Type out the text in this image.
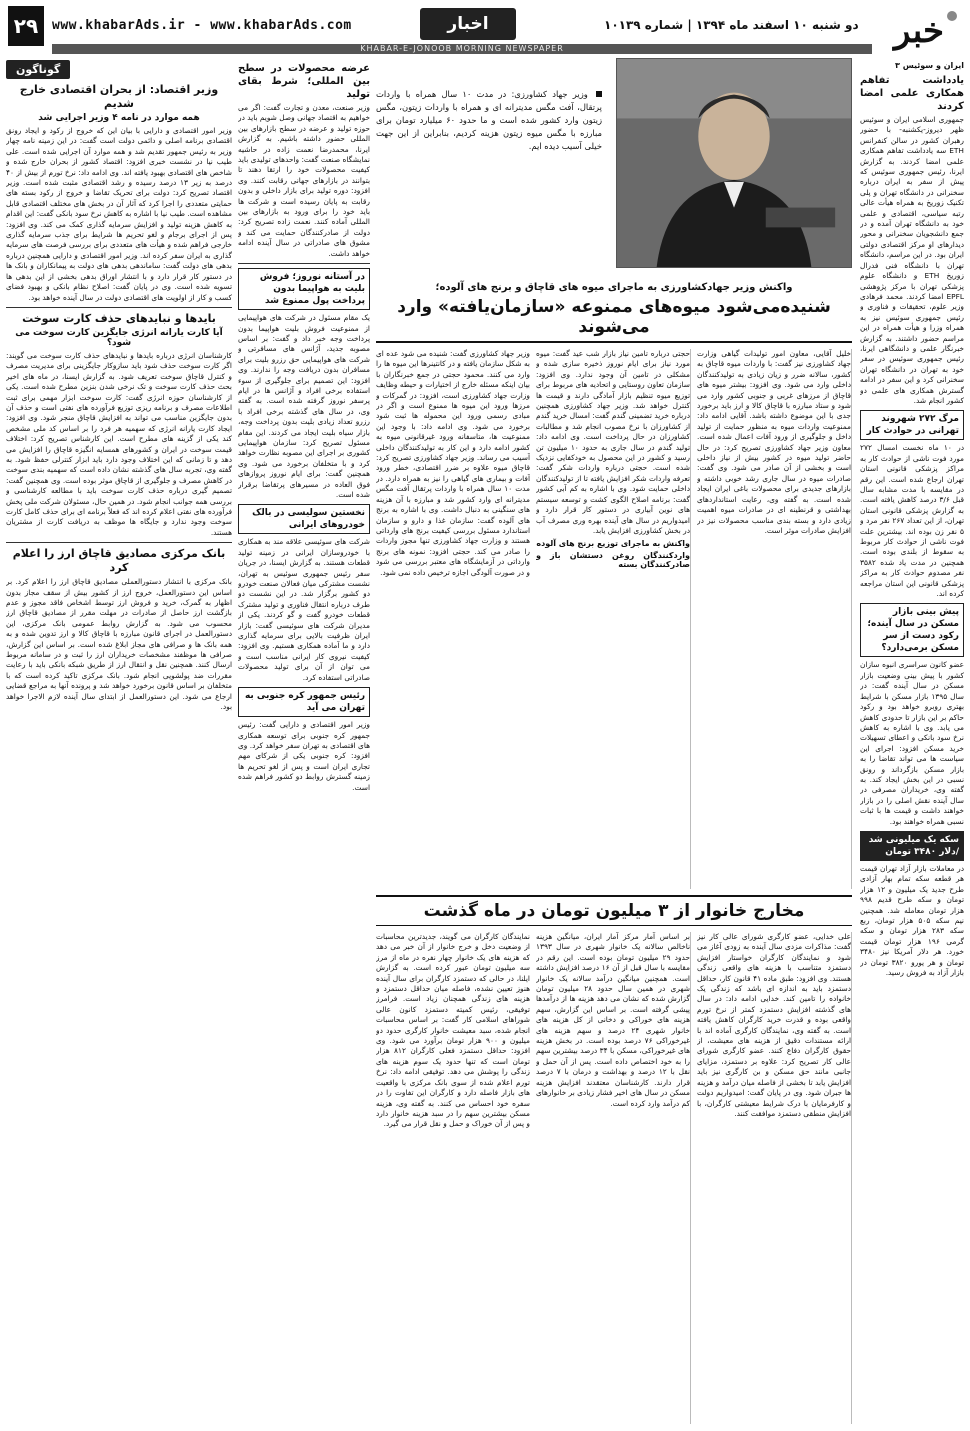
۲۹	www.khabarAds.ir - www.khabarAds.com	اخبار	دو شنبه ۱۰ اسفند ماه ۱۳۹۴ | شماره ۱۰۱۳۹ خبر
KHABAR-E-JONOOB MORNING NEWSPAPER
ایران و سوئیس ۳
یادداشت تفاهم همکاری علمی امضا کردند

جمهوری اسلامی ایران و سوئیس ظهر دیروز-یکشنبه- با حضور رهبران کشور در سالن کنفرانس ETH سه یادداشت تفاهم همکاری علمی امضا کردند. به گزارش ایرنا، رئیس جمهوری سوئیس که پیش از سفر به ایران درباره سخنرانی در دانشگاه تهران و پلی تکنیک زوریخ به همراه هیأت عالی رتبه سیاسی، اقتصادی و علمی خود به دانشگاه تهران آمده و در جمع دانشجویان سخنرانی و محور دیدارهای او مرکز اقتصادی دولتی ایران بود. در این مراسم، دانشگاه تهران با دانشگاه فنی فدرال زوریخ ETH و دانشگاه علوم پزشکی تهران با مرکز پژوهشی EPFL امضا کردند. محمد فرهادی وزیر علوم، تحقیقات و فناوری و رئیس جمهوری سوئیس نیز به همراه وزرا و هیأت همراه در این مراسم حضور داشتند. به گزارش خبرنگار علمی و دانشگاهی ایرنا، رئیس جمهوری سوئیس در سفر خود به تهران در دانشگاه تهران سخنرانی کرد و این سفر در ادامه گسترش همکاری های علمی دو کشور انجام شد.

مرگ ۲۷۲ شهروند تهرانی در حوادث کار

در ۱۰ ماه نخست امسال ۲۷۲ مورد فوت ناشی از حوادث کار به مراکز پزشکی قانونی استان تهران ارجاع شده است. این رقم در مقایسه با مدت مشابه سال قبل ۳/۶ درصد کاهش یافته است. به گزارش پزشکی قانونی استان تهران، از این تعداد ۲۶۷ نفر مرد و ۵ نفر زن بوده اند. بیشترین علت فوت ناشی از حوادث کار مربوط به سقوط از بلندی بوده است. همچنین در مدت یاد شده ۳۵۸۲ نفر مصدوم حوادث کار به مراکز پزشکی قانونی این استان مراجعه کرده اند.

پیش بینی بازار مسکن در سال آینده؛ رکود دست از سر مسکن برمی‌دارد؟

عضو کانون سراسری انبوه سازان کشور با پیش بینی وضعیت بازار مسکن در سال آینده گفت: در سال ۱۳۹۵ بازار مسکن با شرایط بهتری روبرو خواهد بود و رکود حاکم بر این بازار تا حدودی کاهش می یابد. وی با اشاره به کاهش نرخ سود بانکی و اعطای تسهیلات خرید مسکن افزود: اجرای این سیاست ها می تواند تقاضا را به بازار مسکن بازگرداند و رونق نسبی در این بخش ایجاد کند. به گفته وی، خریداران مصرفی در سال آینده نقش اصلی را در بازار خواهند داشت و قیمت ها با ثبات نسبی همراه خواهند بود.

سکه یک میلیونی شد /دلار ۳۴۸۰ تومان

در معاملات بازار آزاد تهران قیمت هر قطعه سکه تمام بهار آزادی طرح جدید یک میلیون و ۱۲ هزار تومان و سکه طرح قدیم ۹۹۸ هزار تومان معامله شد. همچنین نیم سکه ۵۰۵ هزار تومان، ربع سکه ۲۸۳ هزار تومان و سکه گرمی ۱۹۶ هزار تومان قیمت خورد. هر دلار آمریکا نیز ۳۴۸۰ تومان و هر یورو ۳۸۲۰ تومان در بازار آزاد به فروش رسید.

وزیر جهاد کشاورزی: در مدت ۱۰ سال همراه با واردات پرتقال، آفت مگس مدیترانه ای و همراه با واردات زیتون، مگس زیتون وارد کشور شده است و ما حدود ۶۰ میلیارد تومان برای مبارزه با مگس میوه زیتون هزینه کردیم، بنابراین از این جهت خیلی آسیب دیده ایم.
واکنش وزیر جهادکشاورزی به ماجرای میوه های قاچاق و برنج های آلوده؛
شنیده‌می‌شود میوه‌های ممنوعه «سازمان‌یافته» وارد می‌شوند

خلیل آقایی، معاون امور تولیدات گیاهی وزارت جهاد کشاورزی نیز گفت: با واردات میوه قاچاق به کشور، سالانه ضرر و زیان زیادی به تولیدکنندگان داخلی وارد می شود. وی افزود: بیشتر میوه های قاچاق از مرزهای غربی و جنوبی کشور وارد می شود و ستاد مبارزه با قاچاق کالا و ارز باید برخورد جدی با این موضوع داشته باشد. آقایی ادامه داد: ممنوعیت واردات میوه به منظور حمایت از تولید داخل و جلوگیری از ورود آفات اعمال شده است. معاون وزیر جهاد کشاورزی تصریح کرد: در حال حاضر تولید میوه در کشور بیش از نیاز داخلی است و بخشی از آن صادر می شود. وی گفت: صادرات میوه در سال جاری رشد خوبی داشته و بازارهای جدیدی برای محصولات باغی ایران ایجاد شده است. به گفته وی، رعایت استانداردهای بهداشتی و قرنطینه ای در صادرات میوه اهمیت زیادی دارد و بسته بندی مناسب محصولات نیز در افزایش صادرات موثر است.

حجتی درباره تامین نیاز بازار شب عید گفت: میوه مورد نیاز برای ایام نوروز ذخیره سازی شده و مشکلی در تامین آن وجود ندارد. وی افزود: سازمان تعاون روستایی و اتحادیه های مربوط برای توزیع میوه تنظیم بازار آمادگی دارند و قیمت ها کنترل خواهد شد. وزیر جهاد کشاورزی همچنین درباره خرید تضمینی گندم گفت: امسال خرید گندم از کشاورزان با نرخ مصوب انجام شد و مطالبات کشاورزان در حال پرداخت است. وی ادامه داد: تولید گندم در سال جاری به حدود ۱۰ میلیون تن رسید و کشور در این محصول به خودکفایی نزدیک شده است. حجتی درباره واردات شکر گفت: تعرفه واردات شکر افزایش یافته تا از تولیدکنندگان داخلی حمایت شود. وی با اشاره به کم آبی کشور گفت: برنامه اصلاح الگوی کشت و توسعه سیستم های نوین آبیاری در دستور کار قرار دارد و امیدواریم در سال های آینده بهره وری مصرف آب در بخش کشاورزی افزایش یابد.

واکنش به ماجرای توزیع برنج های آلوده
واردکنندگان روغن دستشان باز و صادرکنندگان بسته

وزیر جهاد کشاورزی گفت: شنیده می شود عده ای به شکل سازمان یافته و در کانتینرها این میوه ها را وارد می کنند. محمود حجتی در جمع خبرنگاران با بیان اینکه مسئله خارج از اختیارات و حیطه وظایف وزارت جهاد کشاورزی است، افزود: در گمرکات و مرزها ورود این میوه ها ممنوع است و اگر در مبادی رسمی ورود این محموله ها ثبت شود برخورد می شود. وی ادامه داد: با وجود این ممنوعیت ها، متاسفانه ورود غیرقانونی میوه به کشور ادامه دارد و این کار به تولیدکنندگان داخلی آسیب می رساند. وزیر جهاد کشاورزی تصریح کرد: قاچاق میوه علاوه بر ضرر اقتصادی، خطر ورود آفات و بیماری های گیاهی را نیز به همراه دارد. در مدت ۱۰ سال همراه با واردات پرتقال آفت مگس مدیترانه ای وارد کشور شد و مبارزه با آن هزینه های سنگینی به دنبال داشت. وی با اشاره به برنج های آلوده گفت: سازمان غذا و دارو و سازمان استاندارد مسئول بررسی کیفیت برنج های وارداتی هستند و وزارت جهاد کشاورزی تنها مجوز واردات را صادر می کند. حجتی افزود: نمونه های برنج وارداتی در آزمایشگاه های معتبر بررسی می شود و در صورت آلودگی اجازه ترخیص داده نمی شود.

مخارج خانوار از ۳ میلیون تومان در ماه گذشت

علی خدایی، عضو کارگری شورای عالی کار نیز گفت: مذاکرات مزدی سال آینده به زودی آغاز می شود و نمایندگان کارگران خواستار افزایش دستمزد متناسب با هزینه های واقعی زندگی هستند. وی افزود: طبق ماده ۴۱ قانون کار، حداقل دستمزد باید به اندازه ای باشد که زندگی یک خانواده را تامین کند. خدایی ادامه داد: در سال های گذشته افزایش دستمزد کمتر از نرخ تورم واقعی بوده و قدرت خرید کارگران کاهش یافته است. به گفته وی، نمایندگان کارگری آماده اند با ارائه مستندات دقیق از هزینه های معیشت، از حقوق کارگران دفاع کنند. عضو کارگری شورای عالی کار تصریح کرد: علاوه بر دستمزد، مزایای جانبی مانند حق مسکن و بن کارگری نیز باید افزایش یابد تا بخشی از فاصله میان درآمد و هزینه ها جبران شود. وی در پایان گفت: امیدواریم دولت و کارفرمایان با درک شرایط معیشتی کارگران، با افزایش منطقی دستمزد موافقت کنند.

بر اساس آمار مرکز آمار ایران، میانگین هزینه ناخالص سالانه یک خانوار شهری در سال ۱۳۹۳ حدود ۲۹ میلیون تومان بوده است. این رقم در مقایسه با سال قبل از آن ۱۶ درصد افزایش داشته است. همچنین میانگین درآمد سالانه یک خانوار شهری در همین سال حدود ۲۸ میلیون تومان گزارش شده که نشان می دهد هزینه ها از درآمدها پیشی گرفته است. بر اساس این گزارش، سهم هزینه های خوراکی و دخانی از کل هزینه های خانوار شهری ۲۴ درصد و سهم هزینه های غیرخوراکی ۷۶ درصد بوده است. در بخش هزینه های غیرخوراکی، مسکن با ۳۴ درصد بیشترین سهم را به خود اختصاص داده است. پس از آن حمل و نقل با ۱۲ درصد و بهداشت و درمان با ۷ درصد قرار دارند. کارشناسان معتقدند افزایش هزینه مسکن در سال های اخیر فشار زیادی بر خانوارهای کم درآمد وارد کرده است.

نمایندگان کارگران می گویند، جدیدترین محاسبات از وضعیت دخل و خرج خانوار از آن خبر می دهد که هزینه های یک خانوار چهار نفره در ماه از مرز سه میلیون تومان عبور کرده است. به گزارش ایلنا، در حالی که دستمزد کارگران برای سال آینده هنوز تعیین نشده، فاصله میان حداقل دستمزد و هزینه های زندگی همچنان زیاد است. فرامرز توفیقی، رئیس کمیته دستمزد کانون عالی شوراهای اسلامی کار گفت: بر اساس محاسبات انجام شده، سبد معیشت خانوار کارگری حدود دو میلیون و ۹۰۰ هزار تومان برآورد می شود. وی افزود: حداقل دستمزد فعلی کارگران ۸۱۲ هزار تومان است که تنها حدود یک سوم هزینه های زندگی را پوشش می دهد. توفیقی ادامه داد: نرخ تورم اعلام شده از سوی بانک مرکزی با واقعیت های بازار فاصله دارد و کارگران این تفاوت را در سفره خود احساس می کنند. به گفته وی، هزینه مسکن بیشترین سهم را در سبد هزینه خانوار دارد و پس از آن خوراک و حمل و نقل قرار می گیرد.

عرضه محصولات در سطح بین المللی؛ شرط بقای تولید

وزیر صنعت، معدن و تجارت گفت: اگر می خواهیم به اقتصاد جهانی وصل شویم باید در حوزه تولید و عرضه در سطح بازارهای بین المللی حضور داشته باشیم. به گزارش ایرنا، محمدرضا نعمت زاده در حاشیه نمایشگاه صنعت گفت: واحدهای تولیدی باید کیفیت محصولات خود را ارتقا دهند تا بتوانند در بازارهای جهانی رقابت کنند. وی افزود: دوره تولید برای بازار داخلی و بدون رقابت به پایان رسیده است و شرکت ها باید خود را برای ورود به بازارهای بین المللی آماده کنند. نعمت زاده تصریح کرد: دولت از صادرکنندگان حمایت می کند و مشوق های صادراتی در سال آینده ادامه خواهد داشت.

در آستانه نوروز؛ فروش بلیت به هواپیما بدون پرداخت پول ممنوع شد

یک مقام مسئول در شرکت های هواپیمایی از ممنوعیت فروش بلیت هواپیما بدون پرداخت وجه خبر داد و گفت: بر اساس مصوبه جدید، آژانس های مسافرتی و شرکت های هواپیمایی حق رزرو بلیت برای مسافران بدون دریافت وجه را ندارند. وی افزود: این تصمیم برای جلوگیری از سوء استفاده برخی افراد و آژانس ها در ایام پرسفر نوروز گرفته شده است. به گفته وی، در سال های گذشته برخی افراد با رزرو تعداد زیادی بلیت بدون پرداخت وجه، بازار سیاه بلیت ایجاد می کردند. این مقام مسئول تصریح کرد: سازمان هواپیمایی کشوری بر اجرای این مصوبه نظارت خواهد کرد و با متخلفان برخورد می شود. وی همچنین گفت: برای ایام نوروز پروازهای فوق العاده در مسیرهای پرتقاضا برقرار شده است.

نخستین سولیسی در بالک خودروهای ایرانی

شرکت های سوئیسی علاقه مند به همکاری با خودروسازان ایرانی در زمینه تولید قطعات هستند. به گزارش ایسنا، در جریان سفر رئیس جمهوری سوئیس به تهران، نشست مشترکی میان فعالان صنعت خودرو دو کشور برگزار شد. در این نشست دو طرف درباره انتقال فناوری و تولید مشترک قطعات خودرو گفت و گو کردند. یکی از مدیران شرکت های سوئیسی گفت: بازار ایران ظرفیت بالایی برای سرمایه گذاری دارد و ما آماده همکاری هستیم. وی افزود: کیفیت نیروی کار ایرانی مناسب است و می توان از آن برای تولید محصولات صادراتی استفاده کرد.

رئیس جمهور کره جنوبی به تهران می آید

وزیر امور اقتصادی و دارایی گفت: رئیس جمهور کره جنوبی برای توسعه همکاری های اقتصادی به تهران سفر خواهد کرد. وی افزود: کره جنوبی یکی از شرکای مهم تجاری ایران است و پس از لغو تحریم ها زمینه گسترش روابط دو کشور فراهم شده است.

گوناگون
وزیر اقتصاد: از بحران اقتصادی خارج شدیم
همه موارد در نامه ۴ وزیر اجرایی شد

وزیر امور اقتصادی و دارایی با بیان این که خروج از رکود و ایجاد رونق اقتصادی برنامه اصلی و دائمی دولت است گفت: در این زمینه نامه چهار وزیر به رئیس جمهور تقدیم شد و همه موارد آن اجرایی شده است. علی طیب نیا در نشست خبری افزود: اقتصاد کشور از بحران خارج شده و شاخص های اقتصادی بهبود یافته اند. وی ادامه داد: نرخ تورم از بیش از ۴۰ درصد به زیر ۱۳ درصد رسیده و رشد اقتصادی مثبت شده است. وزیر اقتصاد تصریح کرد: دولت برای تحریک تقاضا و خروج از رکود بسته های حمایتی متعددی را اجرا کرد که آثار آن در بخش های مختلف اقتصادی قابل مشاهده است. طیب نیا با اشاره به کاهش نرخ سود بانکی گفت: این اقدام به کاهش هزینه تولید و افزایش سرمایه گذاری کمک می کند. وی افزود: پس از اجرای برجام و لغو تحریم ها شرایط برای جذب سرمایه گذاری خارجی فراهم شده و هیأت های متعددی برای بررسی فرصت های سرمایه گذاری به ایران سفر کرده اند. وزیر امور اقتصادی و دارایی همچنین درباره بدهی های دولت گفت: ساماندهی بدهی های دولت به پیمانکاران و بانک ها در دستور کار قرار دارد و با انتشار اوراق بدهی بخشی از این بدهی ها تسویه شده است. وی در پایان گفت: اصلاح نظام بانکی و بهبود فضای کسب و کار از اولویت های اقتصادی دولت در سال آینده خواهد بود.

بایدها و نبایدهای حذف کارت سوخت
آیا کارت یارانه انرژی جایگزین کارت سوخت می شود؟

کارشناسان انرژی درباره بایدها و نبایدهای حذف کارت سوخت می گویند: اگر کارت سوخت حذف شود باید سازوکار جایگزینی برای مدیریت مصرف و کنترل قاچاق سوخت تعریف شود. به گزارش ایسنا، در ماه های اخیر بحث حذف کارت سوخت و تک نرخی شدن بنزین مطرح شده است. یکی از کارشناسان حوزه انرژی گفت: کارت سوخت ابزار مهمی برای ثبت اطلاعات مصرف و برنامه ریزی توزیع فرآورده های نفتی است و حذف آن بدون جایگزین مناسب می تواند به افزایش قاچاق منجر شود. وی افزود: ایجاد کارت یارانه انرژی که سهمیه هر فرد را بر اساس کد ملی مشخص کند یکی از گزینه های مطرح است. این کارشناس تصریح کرد: اختلاف قیمت سوخت در ایران و کشورهای همسایه انگیزه قاچاق را افزایش می دهد و تا زمانی که این اختلاف وجود دارد باید ابزار کنترلی حفظ شود. به گفته وی، تجربه سال های گذشته نشان داده است که سهمیه بندی سوخت در کاهش مصرف و جلوگیری از قاچاق موثر بوده است. وی همچنین گفت: تصمیم گیری درباره حذف کارت سوخت باید با مطالعه کارشناسی و بررسی همه جوانب انجام شود. در همین حال، مسئولان شرکت ملی پخش فرآورده های نفتی اعلام کرده اند که فعلاً برنامه ای برای حذف کامل کارت سوخت وجود ندارد و جایگاه ها موظف به دریافت کارت از مشتریان هستند.

بانک مرکزی مصادیق قاچاق ارز را اعلام کرد

بانک مرکزی با انتشار دستورالعملی مصادیق قاچاق ارز را اعلام کرد. بر اساس این دستورالعمل، خروج ارز از کشور بیش از سقف مجاز بدون اظهار به گمرک، خرید و فروش ارز توسط اشخاص فاقد مجوز و عدم بازگشت ارز حاصل از صادرات در مهلت مقرر از مصادیق قاچاق ارز محسوب می شود. به گزارش روابط عمومی بانک مرکزی، این دستورالعمل در اجرای قانون مبارزه با قاچاق کالا و ارز تدوین شده و به همه بانک ها و صرافی های مجاز ابلاغ شده است. بر اساس این گزارش، صرافی ها موظفند مشخصات خریداران ارز را ثبت و در سامانه مربوط ارسال کنند. همچنین نقل و انتقال ارز از طریق شبکه بانکی باید با رعایت مقررات ضد پولشویی انجام شود. بانک مرکزی تاکید کرده است که با متخلفان بر اساس قانون برخورد خواهد شد و پرونده آنها به مراجع قضایی ارجاع می شود. این دستورالعمل از ابتدای سال آینده لازم الاجرا خواهد بود.
